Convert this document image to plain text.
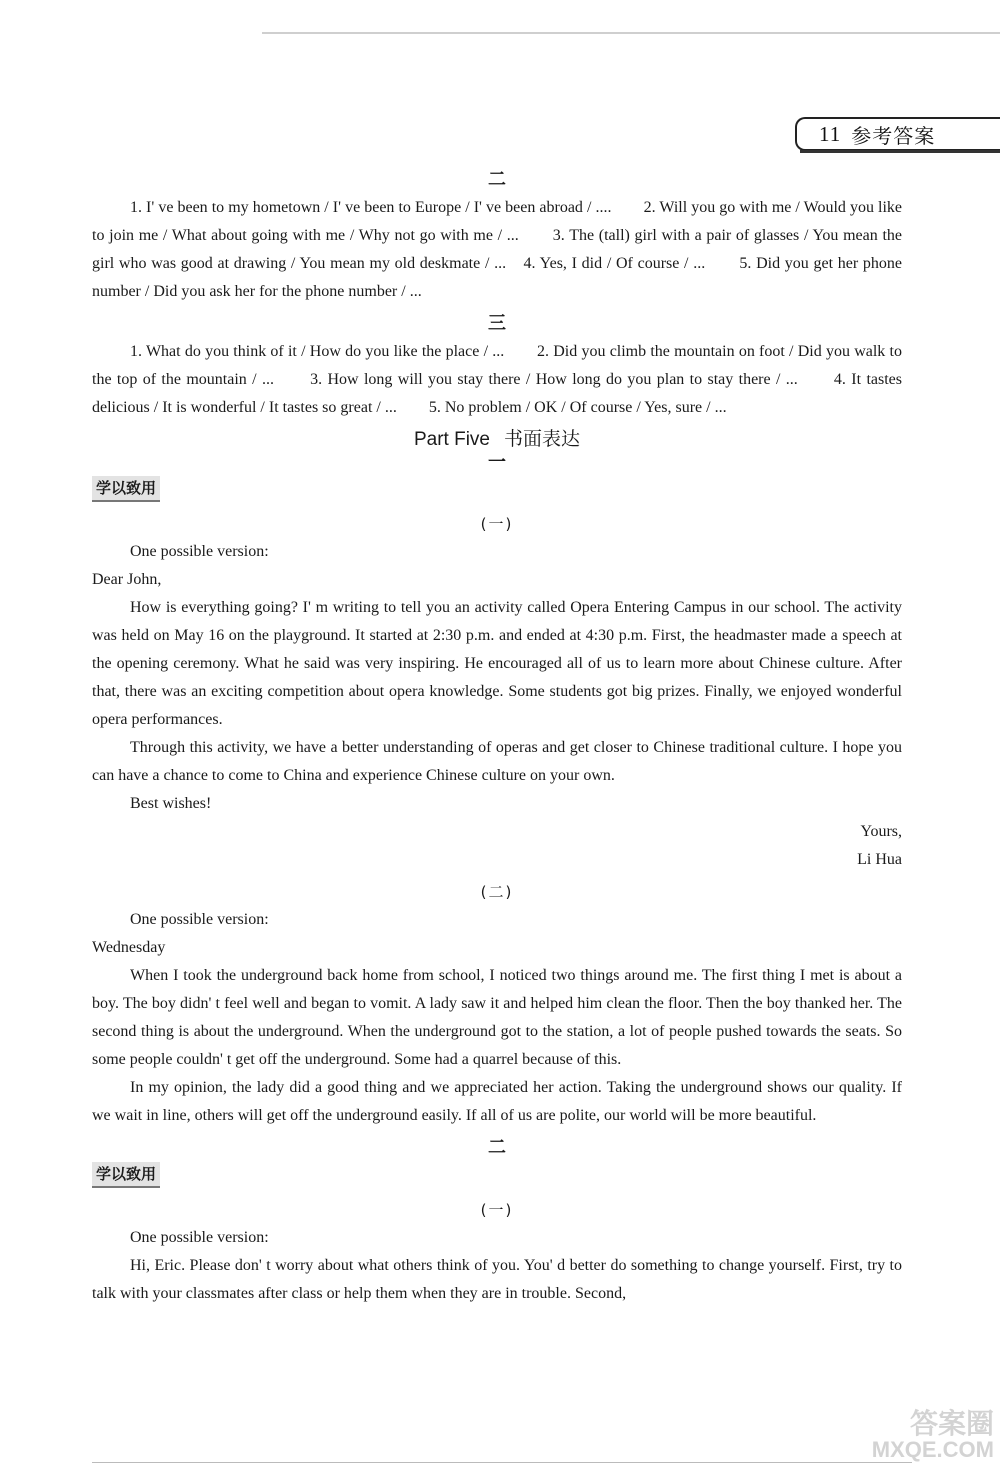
11 参考答案
二

1. I' ve been to my hometown / I' ve been to Europe / I' ve been abroad / ....　　2. Will you go with me / Would you like to join me / What about going with me / Why not go with me / ...　　3. The (tall) girl with a pair of glasses / You mean the girl who was good at drawing / You mean my old deskmate / ...　4. Yes, I did / Of course / ...　　5. Did you get her phone number / Did you ask her for the phone number / ...

三

1. What do you think of it / How do you like the place / ...　　2. Did you climb the mountain on foot / Did you walk to the top of the mountain / ...　　3. How long will you stay there / How long do you plan to stay there / ...　　4. It tastes delicious / It is wonderful / It tastes so great / ...　　5. No problem / OK / Of course / Yes, sure / ...

Part Five 书面表达
一
学以致用
(一)

One possible version:

Dear John,

How is everything going? I' m writing to tell you an activity called Opera Entering Campus in our school. The activity was held on May 16 on the playground. It started at 2:30 p.m. and ended at 4:30 p.m. First, the headmaster made a speech at the opening ceremony. What he said was very inspiring. He encouraged all of us to learn more about Chinese culture. After that, there was an exciting competition about opera knowledge. Some students got big prizes. Finally, we enjoyed wonderful opera performances.

Through this activity, we have a better understanding of operas and get closer to Chinese traditional culture. I hope you can have a chance to come to China and experience Chinese culture on your own.

Best wishes!

Yours,

Li Hua

(二)

One possible version:

Wednesday

When I took the underground back home from school, I noticed two things around me. The first thing I met is about a boy. The boy didn' t feel well and began to vomit. A lady saw it and helped him clean the floor. Then the boy thanked her. The second thing is about the underground. When the underground got to the station, a lot of people pushed towards the seats. So some people couldn' t get off the underground. Some had a quarrel because of this.

In my opinion, the lady did a good thing and we appreciated her action. Taking the underground shows our quality. If we wait in line, others will get off the underground easily. If all of us are polite, our world will be more beautiful.

二
学以致用
(一)

One possible version:

Hi, Eric. Please don' t worry about what others think of you. You' d better do something to change yourself. First, try to talk with your classmates after class or help them when they are in trouble. Second,

答案圈
MXQE.COM
